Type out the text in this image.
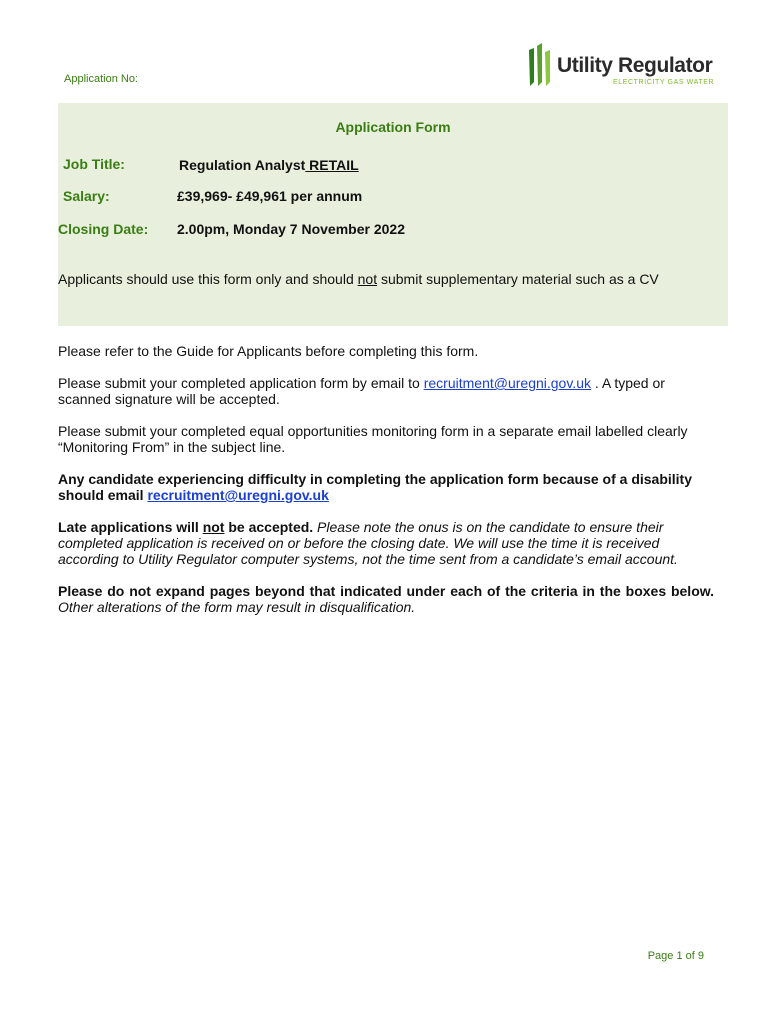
Application No:
Utility Regulator
ELECTRICITY GAS WATER
Application Form
Job Title:	Regulation Analyst RETAIL
Salary:	£39,969- £49,961 per annum
Closing Date: 2.00pm, Monday 7 November 2022
Applicants should use this form only and should not submit supplementary material such as a CV

Please refer to the Guide for Applicants before completing this form.

Please submit your completed application form by email to recruitment@uregni.gov.uk . A typed or scanned signature will be accepted.

Please submit your completed equal opportunities monitoring form in a separate email labelled clearly “Monitoring From” in the subject line.

Any candidate experiencing difficulty in completing the application form because of a disability should email recruitment@uregni.gov.uk

Late applications will not be accepted. Please note the onus is on the candidate to ensure their completed application is received on or before the closing date. We will use the time it is received according to Utility Regulator computer systems, not the time sent from a candidate’s email account.

Please do not expand pages beyond that indicated under each of the criteria in the boxes below. Other alterations of the form may result in disqualification.

Page 1 of 9
